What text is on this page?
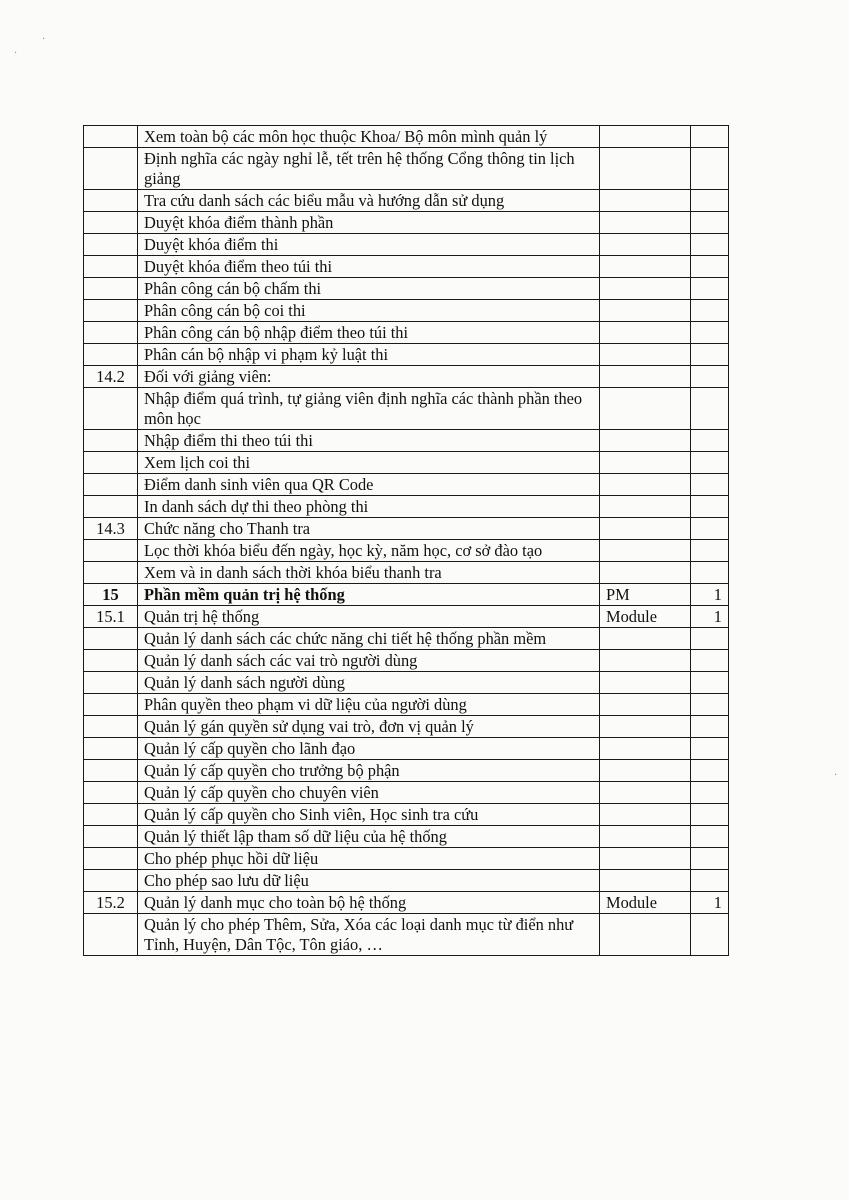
·
·
·
	Xem toàn bộ các môn học thuộc Khoa/ Bộ môn mình quản lý		
	Định nghĩa các ngày nghỉ lễ, tết trên hệ thống Cổng thông tin lịch giảng		
	Tra cứu danh sách các biểu mẫu và hướng dẫn sử dụng		
	Duyệt khóa điểm thành phần		
	Duyệt khóa điểm thi		
	Duyệt khóa điểm theo túi thi		
	Phân công cán bộ chấm thi		
	Phân công cán bộ coi thi		
	Phân công cán bộ nhập điểm theo túi thi		
	Phân cán bộ nhập vi phạm kỷ luật thi		
14.2	Đối với giảng viên:		
	Nhập điểm quá trình, tự giảng viên định nghĩa các thành phần theo môn học		
	Nhập điểm thi theo túi thi		
	Xem lịch coi thi		
	Điểm danh sinh viên qua QR Code		
	In danh sách dự thi theo phòng thi		
14.3	Chức năng cho Thanh tra		
	Lọc thời khóa biểu đến ngày, học kỳ, năm học, cơ sở đào tạo		
	Xem và in danh sách thời khóa biểu thanh tra		
15	Phần mềm quản trị hệ thống	PM	1
15.1	Quản trị hệ thống	Module	1
	Quản lý danh sách các chức năng chi tiết hệ thống phần mềm		
	Quản lý danh sách các vai trò người dùng		
	Quản lý danh sách người dùng		
	Phân quyền theo phạm vi dữ liệu của người dùng		
	Quản lý gán quyền sử dụng vai trò, đơn vị quản lý		
	Quản lý cấp quyền cho lãnh đạo		
	Quản lý cấp quyền cho trưởng bộ phận		
	Quản lý cấp quyền cho chuyên viên		
	Quản lý cấp quyền cho Sinh viên, Học sinh tra cứu		
	Quản lý thiết lập tham số dữ liệu của hệ thống		
	Cho phép phục hồi dữ liệu		
	Cho phép sao lưu dữ liệu		
15.2	Quản lý danh mục cho toàn bộ hệ thống	Module	1
	Quản lý cho phép Thêm, Sửa, Xóa các loại danh mục từ điển như Tỉnh, Huyện, Dân Tộc, Tôn giáo, …		
